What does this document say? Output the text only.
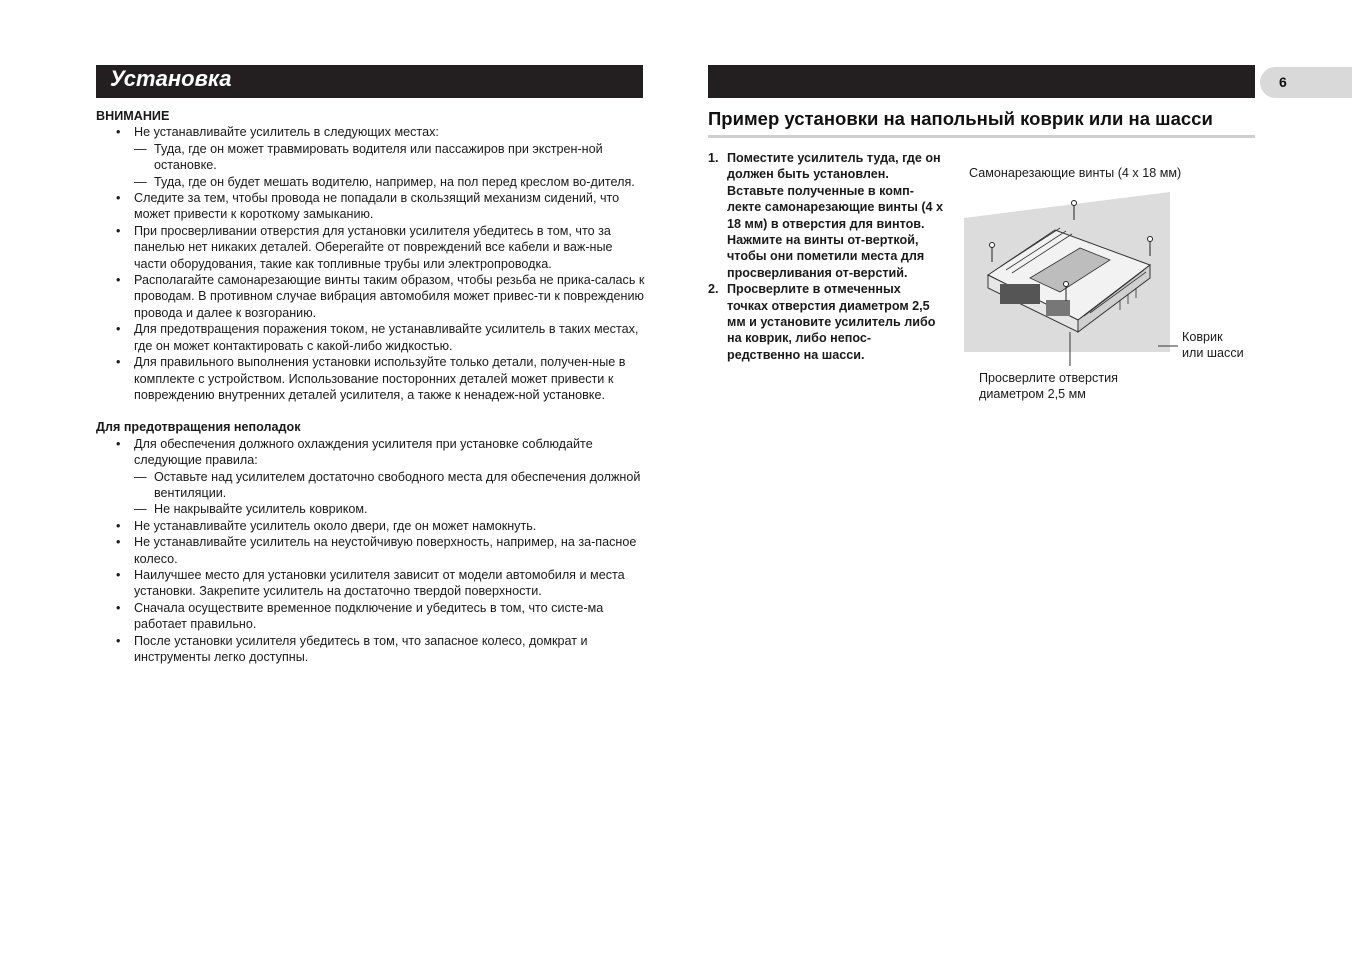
Установка	6

ВНИМАНИЕ

• Не устанавливайте усилитель в следующих местах:
— Туда, где он может травмировать водителя или пассажиров при экстрен-ной остановке.
— Туда, где он будет мешать водителю, например, на пол перед креслом во-дителя.
• Следите за тем, чтобы провода не попадали в скользящий механизм сидений, что может привести к короткому замыканию.
• При просверливании отверстия для установки усилителя убедитесь в том, что за панелью нет никаких деталей. Оберегайте от повреждений все кабели и важ-ные части оборудования, такие как топливные трубы или электропроводка.
• Располагайте самонарезающие винты таким образом, чтобы резьба не прика-салась к проводам. В противном случае вибрация автомобиля может привес-ти к повреждению провода и далее к возгоранию.
• Для предотвращения поражения током, не устанавливайте усилитель в таких местах, где он может контактировать с какой-либо жидкостью.
• Для правильного выполнения установки используйте только детали, получен-ные в комплекте с устройством. Использование посторонних деталей может привести к повреждению внутренних деталей усилителя, а также к ненадеж-ной установке.

Для предотвращения неполадок

• Для обеспечения должного охлаждения усилителя при установке соблюдайте следующие правила:
— Оставьте над усилителем достаточно свободного места для обеспечения должной вентиляции.
— Не накрывайте усилитель ковриком.
• Не устанавливайте усилитель около двери, где он может намокнуть.
• Не устанавливайте усилитель на неустойчивую поверхность, например, на за-пасное колесо.
• Наилучшее место для установки усилителя зависит от модели автомобиля и места установки. Закрепите усилитель на достаточно твердой поверхности.
• Сначала осуществите временное подключение и убедитесь в том, что систе-ма работает правильно.
• После установки усилителя убедитесь в том, что запасное колесо, домкрат и инструменты легко доступны.
Пример установки на напольный коврик или на шасси
1. Поместите усилитель туда, где он должен быть установлен. Вставьте полученные в комп-лекте самонарезающие винты (4 x 18 мм) в отверстия для винтов. Нажмите на винты от-верткой, чтобы они пометили места для просверливания от-верстий.
2. Просверлите в отмеченных точках отверстия диаметром 2,5 мм и установите усилитель либо на коврик, либо непос-редственно на шасси.
Самонарезающие винты (4 x 18 мм)
Коврик
или шасси
Просверлите отверстия
диаметром 2,5 мм
